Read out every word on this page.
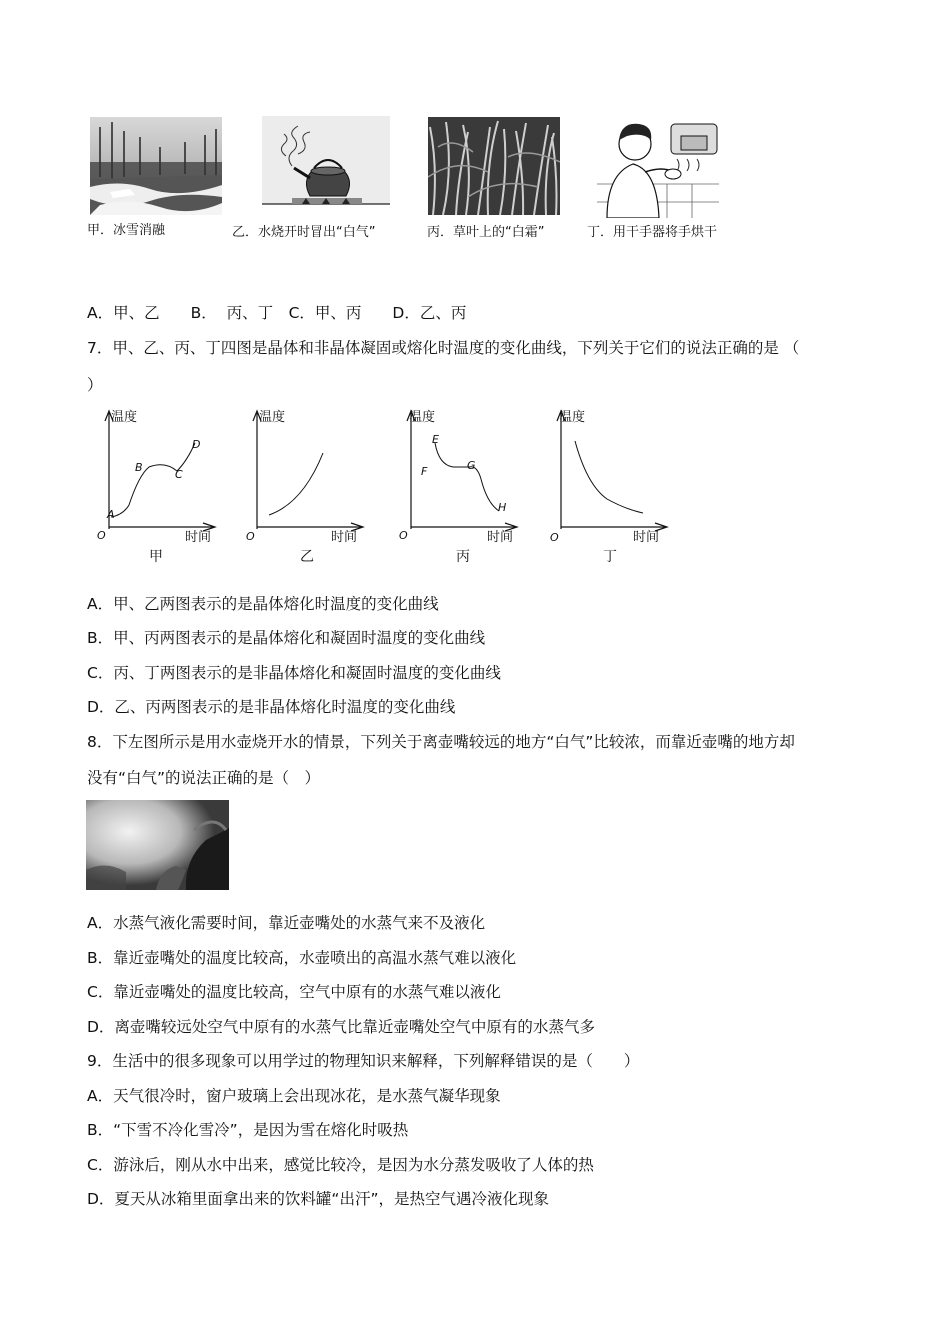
甲．冰雪消融	乙．水烧开时冒出“白气”	丙．草叶上的“白霜”	丁．用干手器将手烘干
A．甲、乙　　B．  丙、丁　C．甲、丙　　D．乙、丙
7．甲、乙、丙、丁四图是晶体和非晶体凝固或熔化时温度的变化曲线，下列关于它们的说法正确的是 （
）
温度
时间
O
A
B
C
D
甲
温度
时间
O
乙
温度
时间
O
E
F	G
H
丙
温度
时间
O
丁
A．甲、乙两图表示的是晶体熔化时温度的变化曲线
B．甲、丙两图表示的是晶体熔化和凝固时温度的变化曲线
C．丙、丁两图表示的是非晶体熔化和凝固时温度的变化曲线
D．乙、丙两图表示的是非晶体熔化时温度的变化曲线
8．下左图所示是用水壶烧开水的情景，下列关于离壶嘴较远的地方“白气”比较浓，而靠近壶嘴的地方却
没有“白气”的说法正确的是（　）
A．水蒸气液化需要时间，靠近壶嘴处的水蒸气来不及液化
B．靠近壶嘴处的温度比较高，水壶喷出的高温水蒸气难以液化
C．靠近壶嘴处的温度比较高，空气中原有的水蒸气难以液化
D．离壶嘴较远处空气中原有的水蒸气比靠近壶嘴处空气中原有的水蒸气多
9．生活中的很多现象可以用学过的物理知识来解释，下列解释错误的是（　　）
A．天气很冷时，窗户玻璃上会出现冰花，是水蒸气凝华现象
B．“下雪不冷化雪冷”，是因为雪在熔化时吸热
C．游泳后，刚从水中出来，感觉比较冷，是因为水分蒸发吸收了人体的热
D．夏天从冰箱里面拿出来的饮料罐“出汗”，是热空气遇冷液化现象
